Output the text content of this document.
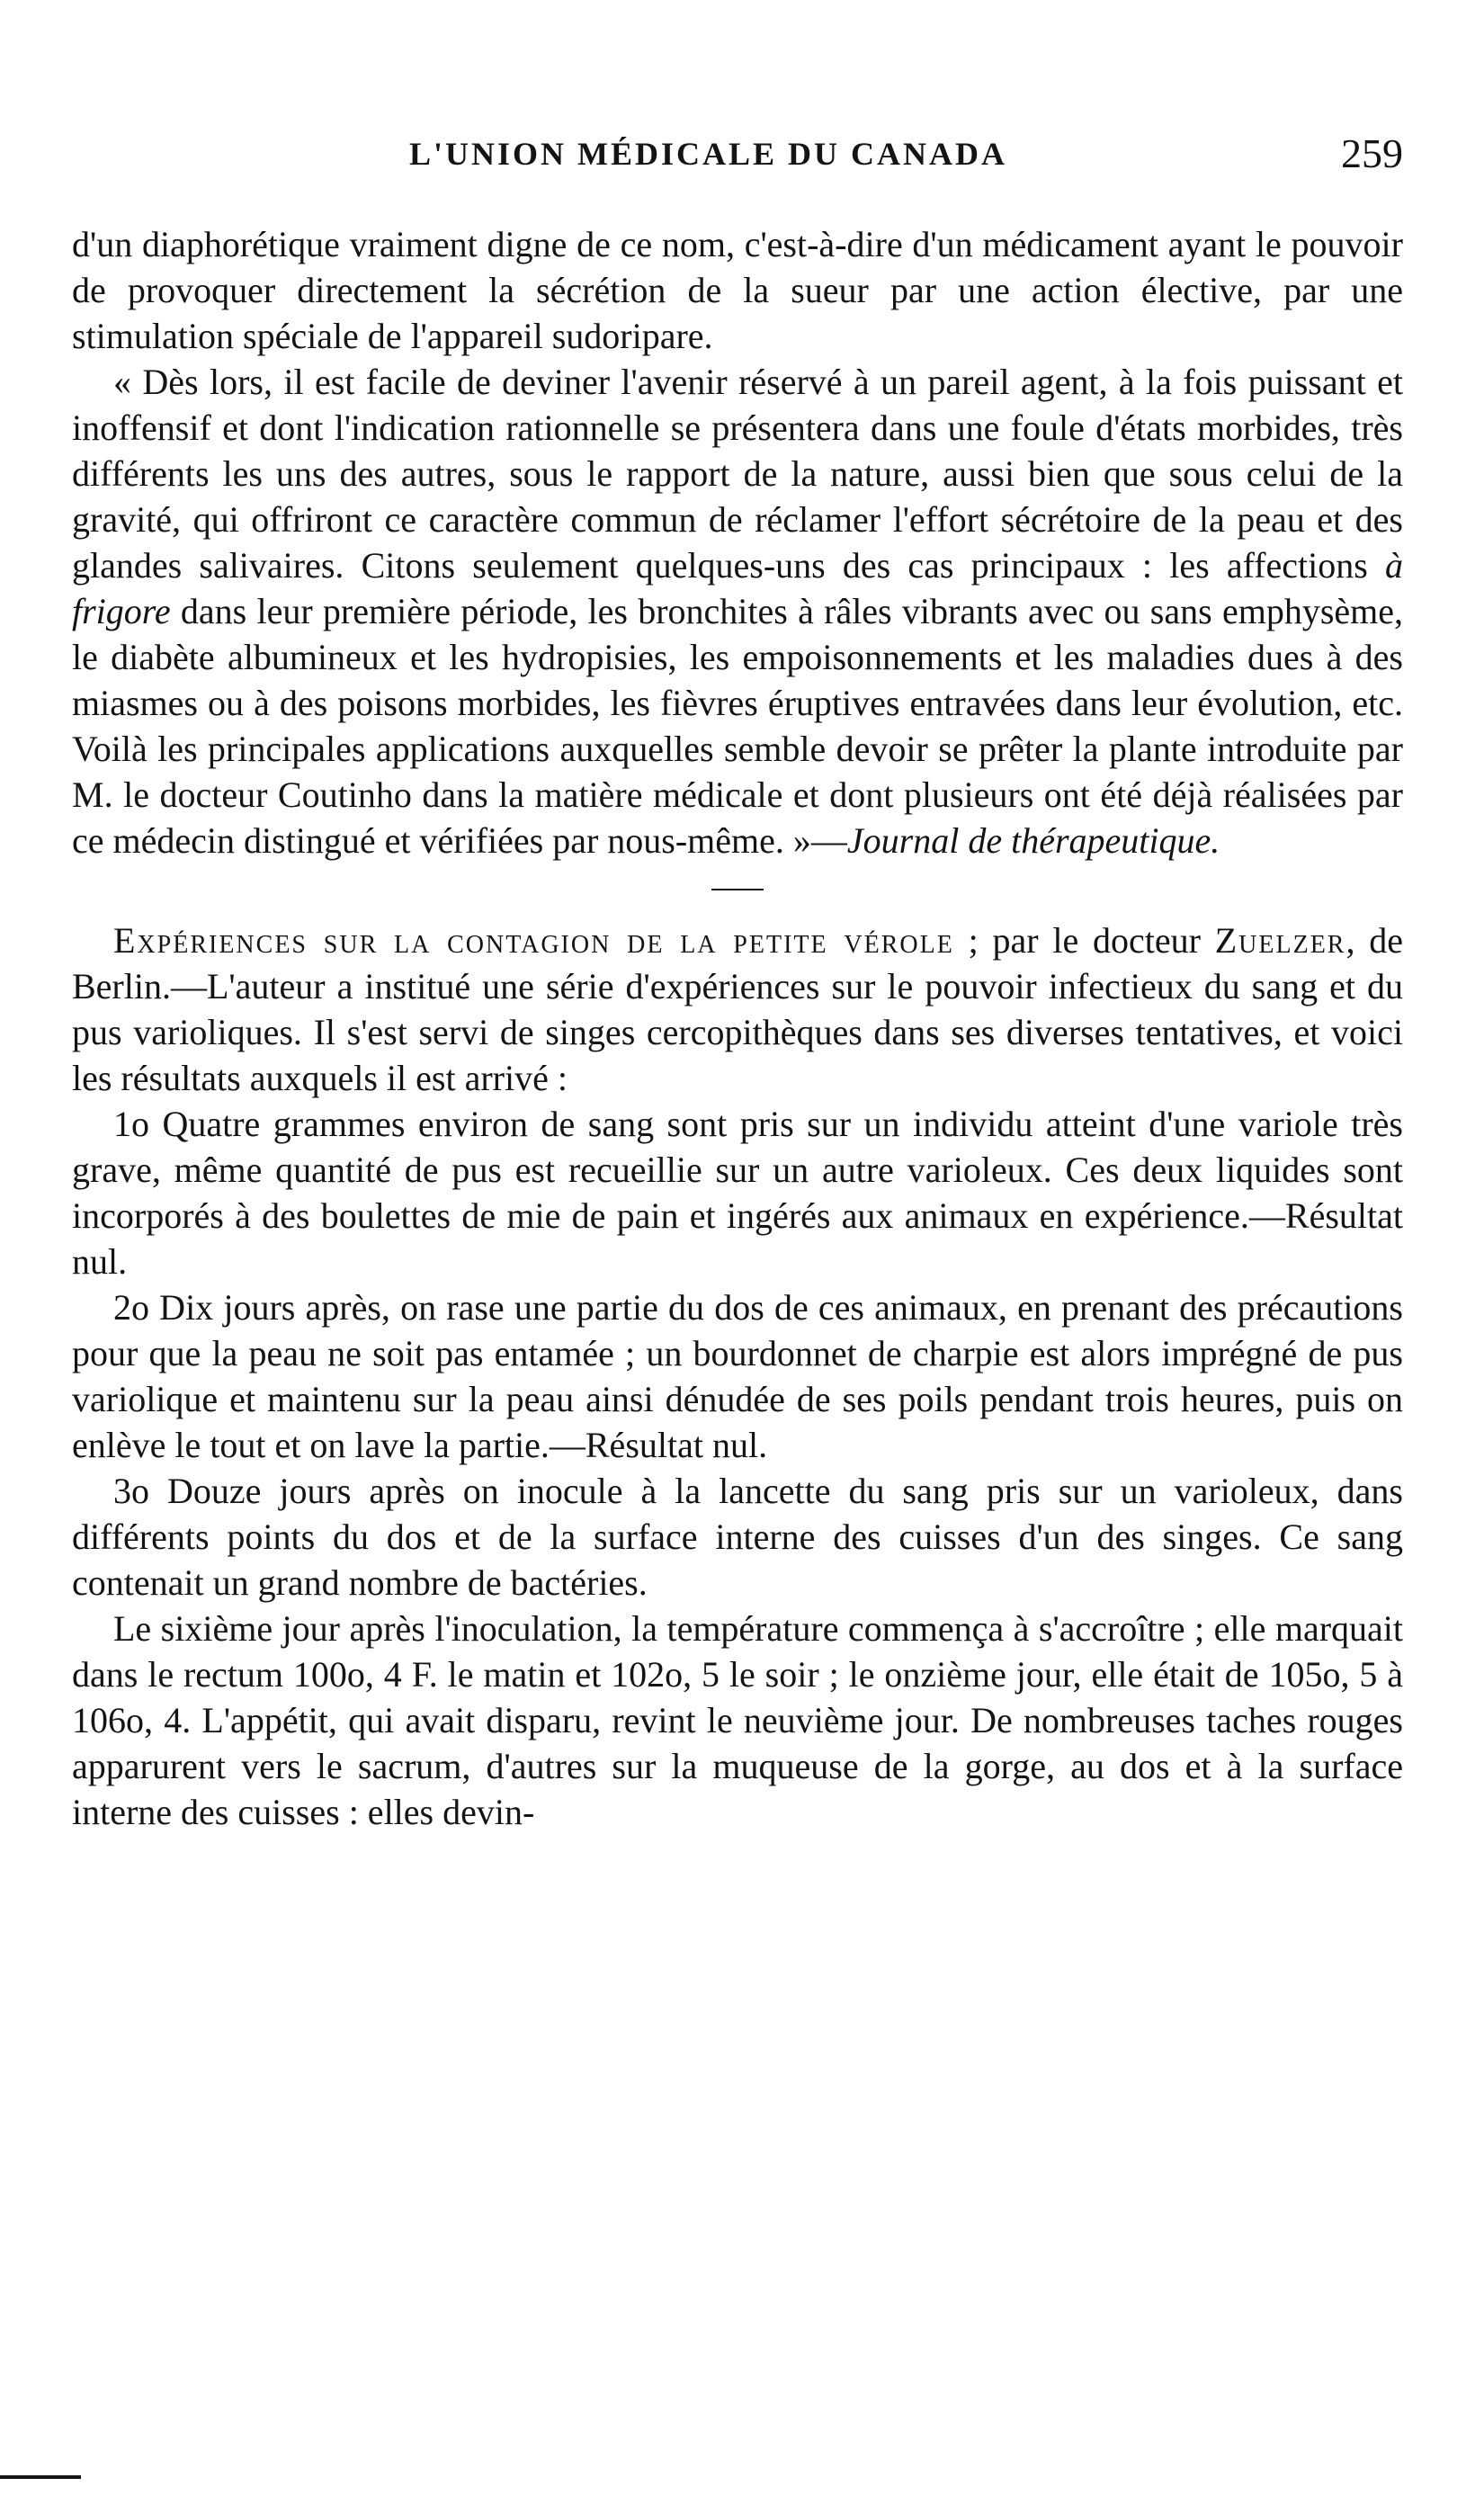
L'UNION MÉDICALE DU CANADA	259

d'un diaphorétique vraiment digne de ce nom, c'est-à-dire d'un médicament ayant le pouvoir de provoquer directement la sécrétion de la sueur par une action élective, par une stimulation spéciale de l'appareil sudoripare.

« Dès lors, il est facile de deviner l'avenir réservé à un pareil agent, à la fois puissant et inoffensif et dont l'indication rationnelle se présentera dans une foule d'états morbides, très différents les uns des autres, sous le rapport de la nature, aussi bien que sous celui de la gravité, qui offriront ce caractère commun de réclamer l'effort sécrétoire de la peau et des glandes salivaires. Citons seulement quelques-uns des cas principaux : les affections à frigore dans leur première période, les bronchites à râles vibrants avec ou sans emphysème, le diabète albumineux et les hydropisies, les empoisonnements et les maladies dues à des miasmes ou à des poisons morbides, les fièvres éruptives entravées dans leur évolution, etc. Voilà les principales applications auxquelles semble devoir se prêter la plante introduite par M. le docteur Coutinho dans la matière médicale et dont plusieurs ont été déjà réalisées par ce médecin distingué et vérifiées par nous-même. »—Journal de thérapeutique.

Expériences sur la contagion de la petite vérole ; par le docteur Zuelzer, de Berlin.—L'auteur a institué une série d'expériences sur le pouvoir infectieux du sang et du pus varioliques. Il s'est servi de singes cercopithèques dans ses diverses tentatives, et voici les résultats auxquels il est arrivé :

1o Quatre grammes environ de sang sont pris sur un individu atteint d'une variole très grave, même quantité de pus est recueillie sur un autre varioleux. Ces deux liquides sont incorporés à des boulettes de mie de pain et ingérés aux animaux en expérience.—Résultat nul.

2o Dix jours après, on rase une partie du dos de ces animaux, en prenant des précautions pour que la peau ne soit pas entamée ; un bourdonnet de charpie est alors imprégné de pus variolique et maintenu sur la peau ainsi dénudée de ses poils pendant trois heures, puis on enlève le tout et on lave la partie.—Résultat nul.

3o Douze jours après on inocule à la lancette du sang pris sur un varioleux, dans différents points du dos et de la surface interne des cuisses d'un des singes. Ce sang contenait un grand nombre de bactéries.

Le sixième jour après l'inoculation, la température commença à s'accroître ; elle marquait dans le rectum 100o, 4 F. le matin et 102o, 5 le soir ; le onzième jour, elle était de 105o, 5 à 106o, 4. L'appétit, qui avait disparu, revint le neuvième jour. De nombreuses taches rouges apparurent vers le sacrum, d'autres sur la muqueuse de la gorge, au dos et à la surface interne des cuisses : elles devin-
